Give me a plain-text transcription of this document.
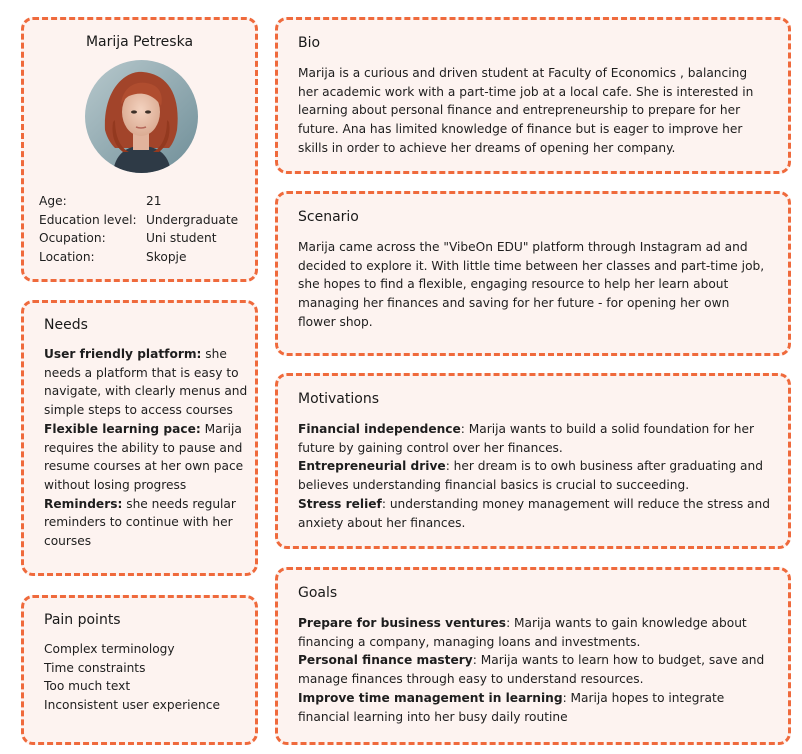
Marija Petreska
Age:	21
Education level: Undergraduate
Ocupation:	Uni student
Location:	Skopje
Needs

User friendly platform: she needs a platform that is easy to navigate, with clearly menus and simple steps to access courses

Flexible learning pace: Marija requires the ability to pause and resume courses at her own pace without losing progress

Reminders: she needs regular reminders to continue with her courses

Pain points
Complex terminology
Time constraints
Too much text
Inconsistent user experience
Bio

Marija is a curious and driven student at Faculty of Economics , balancing her academic work with a part-time job at a local cafe. She is interested in learning about personal finance and entrepreneurship to prepare for her future. Ana has limited knowledge of finance but is eager to improve her skills in order to achieve her dreams of opening her company.

Scenario

Marija came across the "VibeOn EDU" platform through Instagram ad and decided to explore it. With little time between her classes and part-time job, she hopes to find a flexible, engaging resource to help her learn about managing her finances and saving for her future - for opening her own flower shop.

Motivations

Financial independence: Marija wants to build a solid foundation for her future by gaining control over her finances.

Entrepreneurial drive: her dream is to owh business after graduating and believes understanding financial basics is crucial to succeeding.

Stress relief: understanding money management will reduce the stress and anxiety about her finances.

Goals

Prepare for business ventures: Marija wants to gain knowledge about financing a company, managing loans and investments.

Personal finance mastery: Marija wants to learn how to budget, save and manage finances through easy to understand resources.

Improve time management in learning: Marija hopes to integrate financial learning into her busy daily routine
